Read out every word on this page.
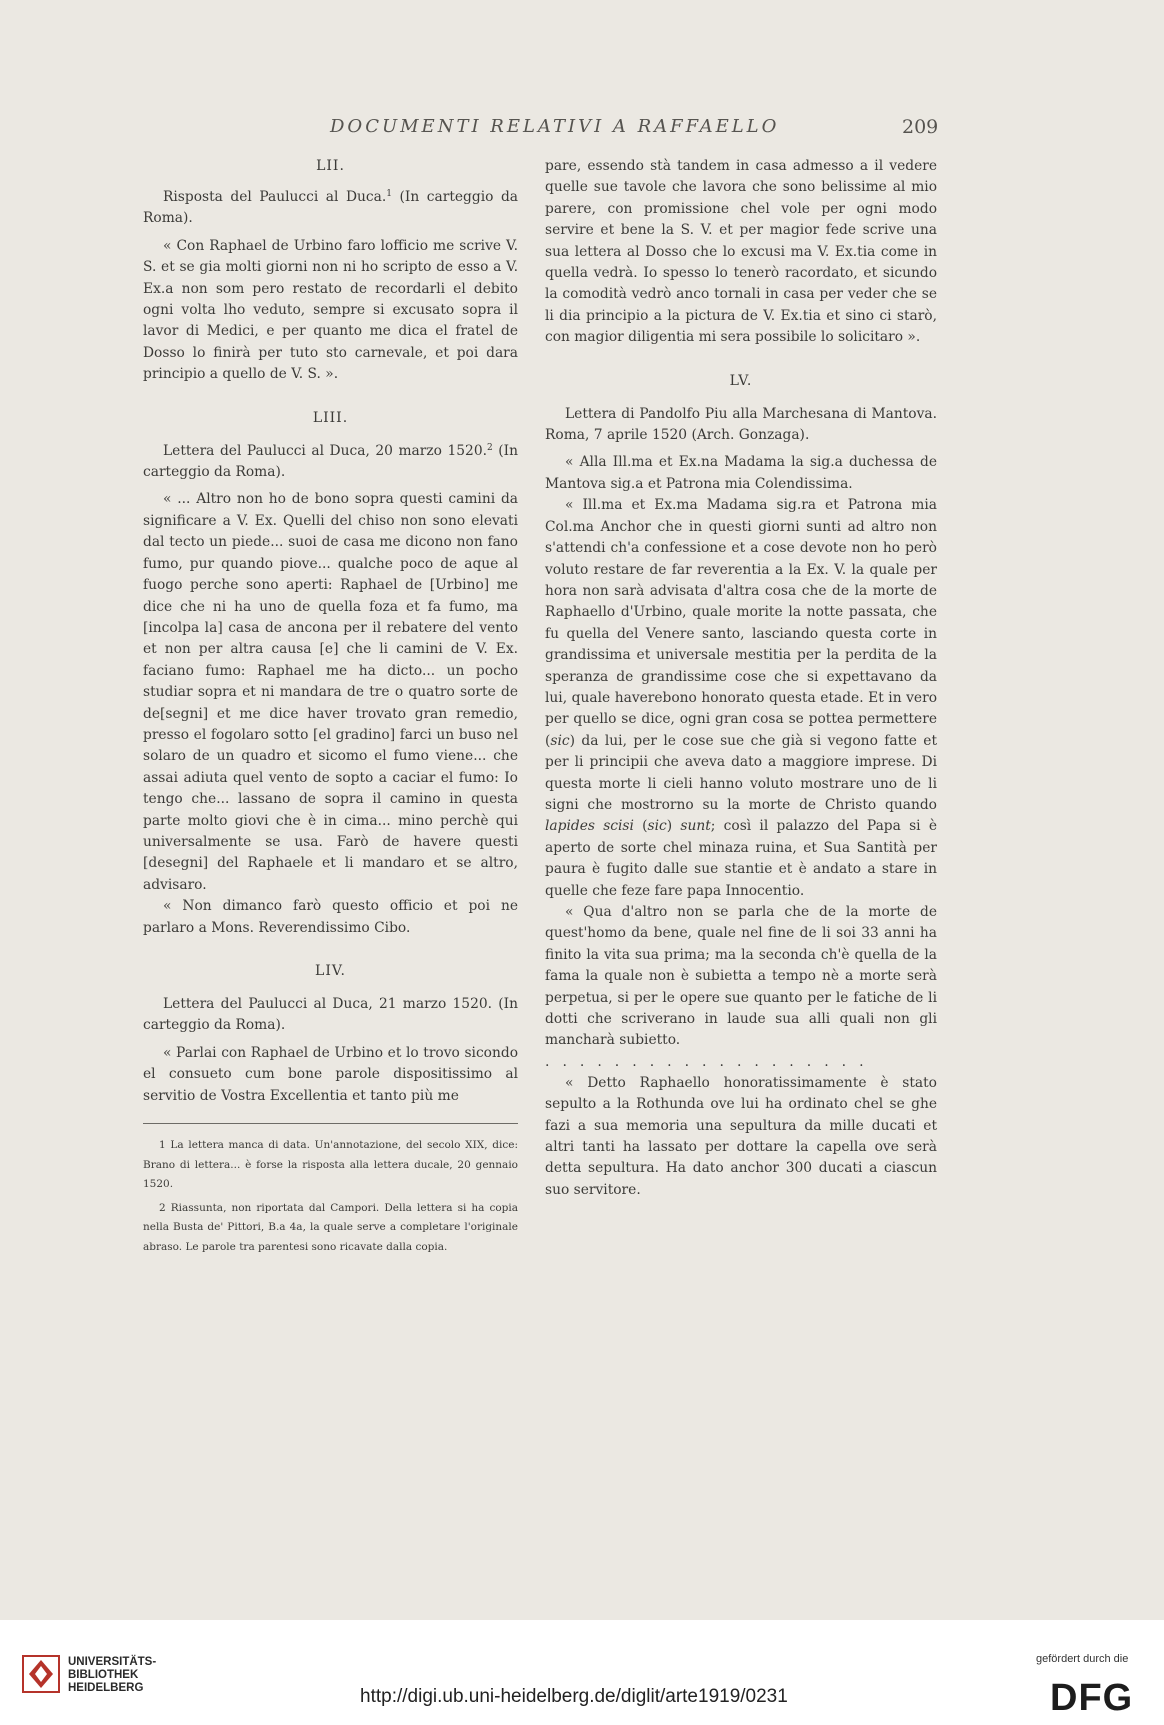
DOCUMENTI RELATIVI A RAFFAELLO	209

LII.

Risposta del Paulucci al Duca.$^1$ (In carteggio da Roma).

« Con Raphael de Urbino faro lofficio me scrive V. S. et se gia molti giorni non ni ho scripto de esso a V. Ex.a non som pero restato de recordarli el debito ogni volta lho veduto, sempre si excusato sopra il lavor di Medici, e per quanto me dica el fratel de Dosso lo finirà per tuto sto carnevale, et poi dara principio a quello de V. S. ».

LIII.

Lettera del Paulucci al Duca, 20 marzo 1520.$^2$ (In carteggio da Roma).

« ... Altro non ho de bono sopra questi camini da significare a V. Ex. Quelli del chiso non sono elevati dal tecto un piede... suoi de casa me dicono non fano fumo, pur quando piove... qualche poco de aque al fuogo perche sono aperti: Raphael de [Urbino] me dice che ni ha uno de quella foza et fa fumo, ma [incolpa la] casa de ancona per il rebatere del vento et non per altra causa [e] che li camini de V. Ex. faciano fumo: Raphael me ha dicto... un pocho studiar sopra et ni mandara de tre o quatro sorte de de[segni] et me dice haver trovato gran remedio, presso el fogolaro sotto [el gradino] farci un buso nel solaro de un quadro et sicomo el fumo viene... che assai adiuta quel vento de sopto a caciar el fumo: Io tengo che... lassano de sopra il camino in questa parte molto giovi che è in cima... mino perchè qui universalmente se usa. Farò de havere questi [desegni] del Raphaele et li mandaro et se altro, advisaro.

« Non dimanco farò questo officio et poi ne parlaro a Mons. Reverendissimo Cibo.

LIV.

Lettera del Paulucci al Duca, 21 marzo 1520. (In carteggio da Roma).

« Parlai con Raphael de Urbino et lo trovo sicondo el consueto cum bone parole dispositissimo al servitio de Vostra Excellentia et tanto più me

1 La lettera manca di data. Un'annotazione, del secolo XIX, dice: Brano di lettera... è forse la risposta alla lettera ducale, 20 gennaio 1520.

2 Riassunta, non riportata dal Campori. Della lettera si ha copia nella Busta de' Pittori, B.a 4a, la quale serve a completare l'originale abraso. Le parole tra parentesi sono ricavate dalla copia.

pare, essendo stà tandem in casa admesso a il vedere quelle sue tavole che lavora che sono belissime al mio parere, con promissione chel vole per ogni modo servire et bene la S. V. et per magior fede scrive una sua lettera al Dosso che lo excusi ma V. Ex.tia come in quella vedrà. Io spesso lo tenerò racordato, et sicundo la comodità vedrò anco tornali in casa per veder che se li dia principio a la pictura de V. Ex.tia et sino ci starò, con magior diligentia mi sera possibile lo solicitaro ».

LV.

Lettera di Pandolfo Piu alla Marchesana di Mantova. Roma, 7 aprile 1520 (Arch. Gonzaga).

« Alla Ill.ma et Ex.na Madama la sig.a duchessa de Mantova sig.a et Patrona mia Colendissima.

« Ill.ma et Ex.ma Madama sig.ra et Patrona mia Col.ma Anchor che in questi giorni sunti ad altro non s'attendi ch'a confessione et a cose devote non ho però voluto restare de far reverentia a la Ex. V. la quale per hora non sarà advisata d'altra cosa che de la morte de Raphaello d'Urbino, quale morite la notte passata, che fu quella del Venere santo, lasciando questa corte in grandissima et universale mestitia per la perdita de la speranza de grandissime cose che si expettavano da lui, quale haverebono honorato questa etade. Et in vero per quello se dice, ogni gran cosa se pottea permettere (sic) da lui, per le cose sue che già si vegono fatte et per li principii che aveva dato a maggiore imprese. Di questa morte li cieli hanno voluto mostrare uno de li signi che mostrorno su la morte de Christo quando lapides scisi (sic) sunt; così il palazzo del Papa si è aperto de sorte chel minaza ruina, et Sua Santità per paura è fugito dalle sue stantie et è andato a stare in quelle che feze fare papa Innocentio.

« Qua d'altro non se parla che de la morte de quest'homo da bene, quale nel fine de li soi 33 anni ha finito la vita sua prima; ma la seconda ch'è quella de la fama la quale non è subietta a tempo nè a morte serà perpetua, si per le opere sue quanto per le fatiche de li dotti che scriverano in laude sua alli quali non gli mancharà subietto.

...................

« Detto Raphaello honoratissimamente è stato sepulto a la Rothunda ove lui ha ordinato chel se ghe fazi a sua memoria una sepultura da mille ducati et altri tanti ha lassato per dottare la capella ove serà detta sepultura. Ha dato anchor 300 ducati a ciascun suo servitore.

UNIVERSITÄTS-
BIBLIOTHEK
HEIDELBERG	http://digi.ub.uni-heidelberg.de/diglit/arte1919/0231
gefördert durch die
DFG
